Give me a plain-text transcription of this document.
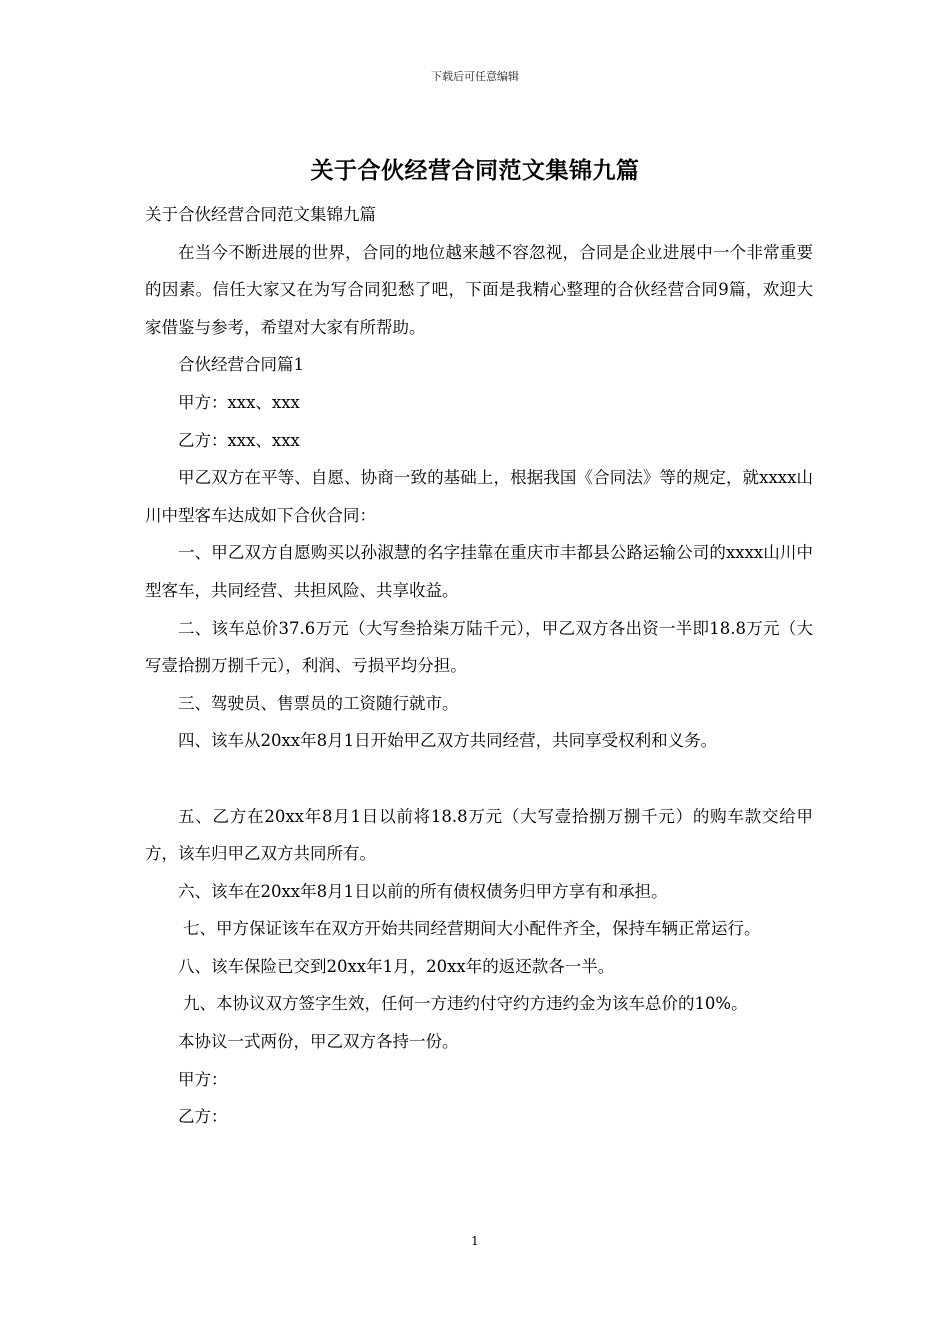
下载后可任意编辑
关于合伙经营合同范文集锦九篇

关于合伙经营合同范文集锦九篇

在当今不断进展的世界，合同的地位越来越不容忽视，合同是企业进展中一个非常重要的因素。信任大家又在为写合同犯愁了吧，下面是我精心整理的合伙经营合同9篇，欢迎大家借鉴与参考，希望对大家有所帮助。

合伙经营合同篇1

甲方：xxx、xxx

乙方：xxx、xxx

甲乙双方在平等、自愿、协商一致的基础上，根据我国《合同法》等的规定，就xxxx山川中型客车达成如下合伙合同：

一、甲乙双方自愿购买以孙淑慧的名字挂靠在重庆市丰都县公路运输公司的xxxx山川中型客车，共同经营、共担风险、共享收益。

二、该车总价37.6万元（大写叁拾柒万陆千元），甲乙双方各出资一半即18.8万元（大写壹拾捌万捌千元），利润、亏损平均分担。

三、驾驶员、售票员的工资随行就市。

四、该车从20xx年8月1日开始甲乙双方共同经营，共同享受权利和义务。

五、乙方在20xx年8月1日以前将18.8万元（大写壹拾捌万捌千元）的购车款交给甲方，该车归甲乙双方共同所有。

六、该车在20xx年8月1日以前的所有债权债务归甲方享有和承担。

七、甲方保证该车在双方开始共同经营期间大小配件齐全，保持车辆正常运行。

八、该车保险已交到20xx年1月，20xx年的返还款各一半。

九、本协议双方签字生效，任何一方违约付守约方违约金为该车总价的10%。

本协议一式两份，甲乙双方各持一份。

甲方：

乙方：

1
